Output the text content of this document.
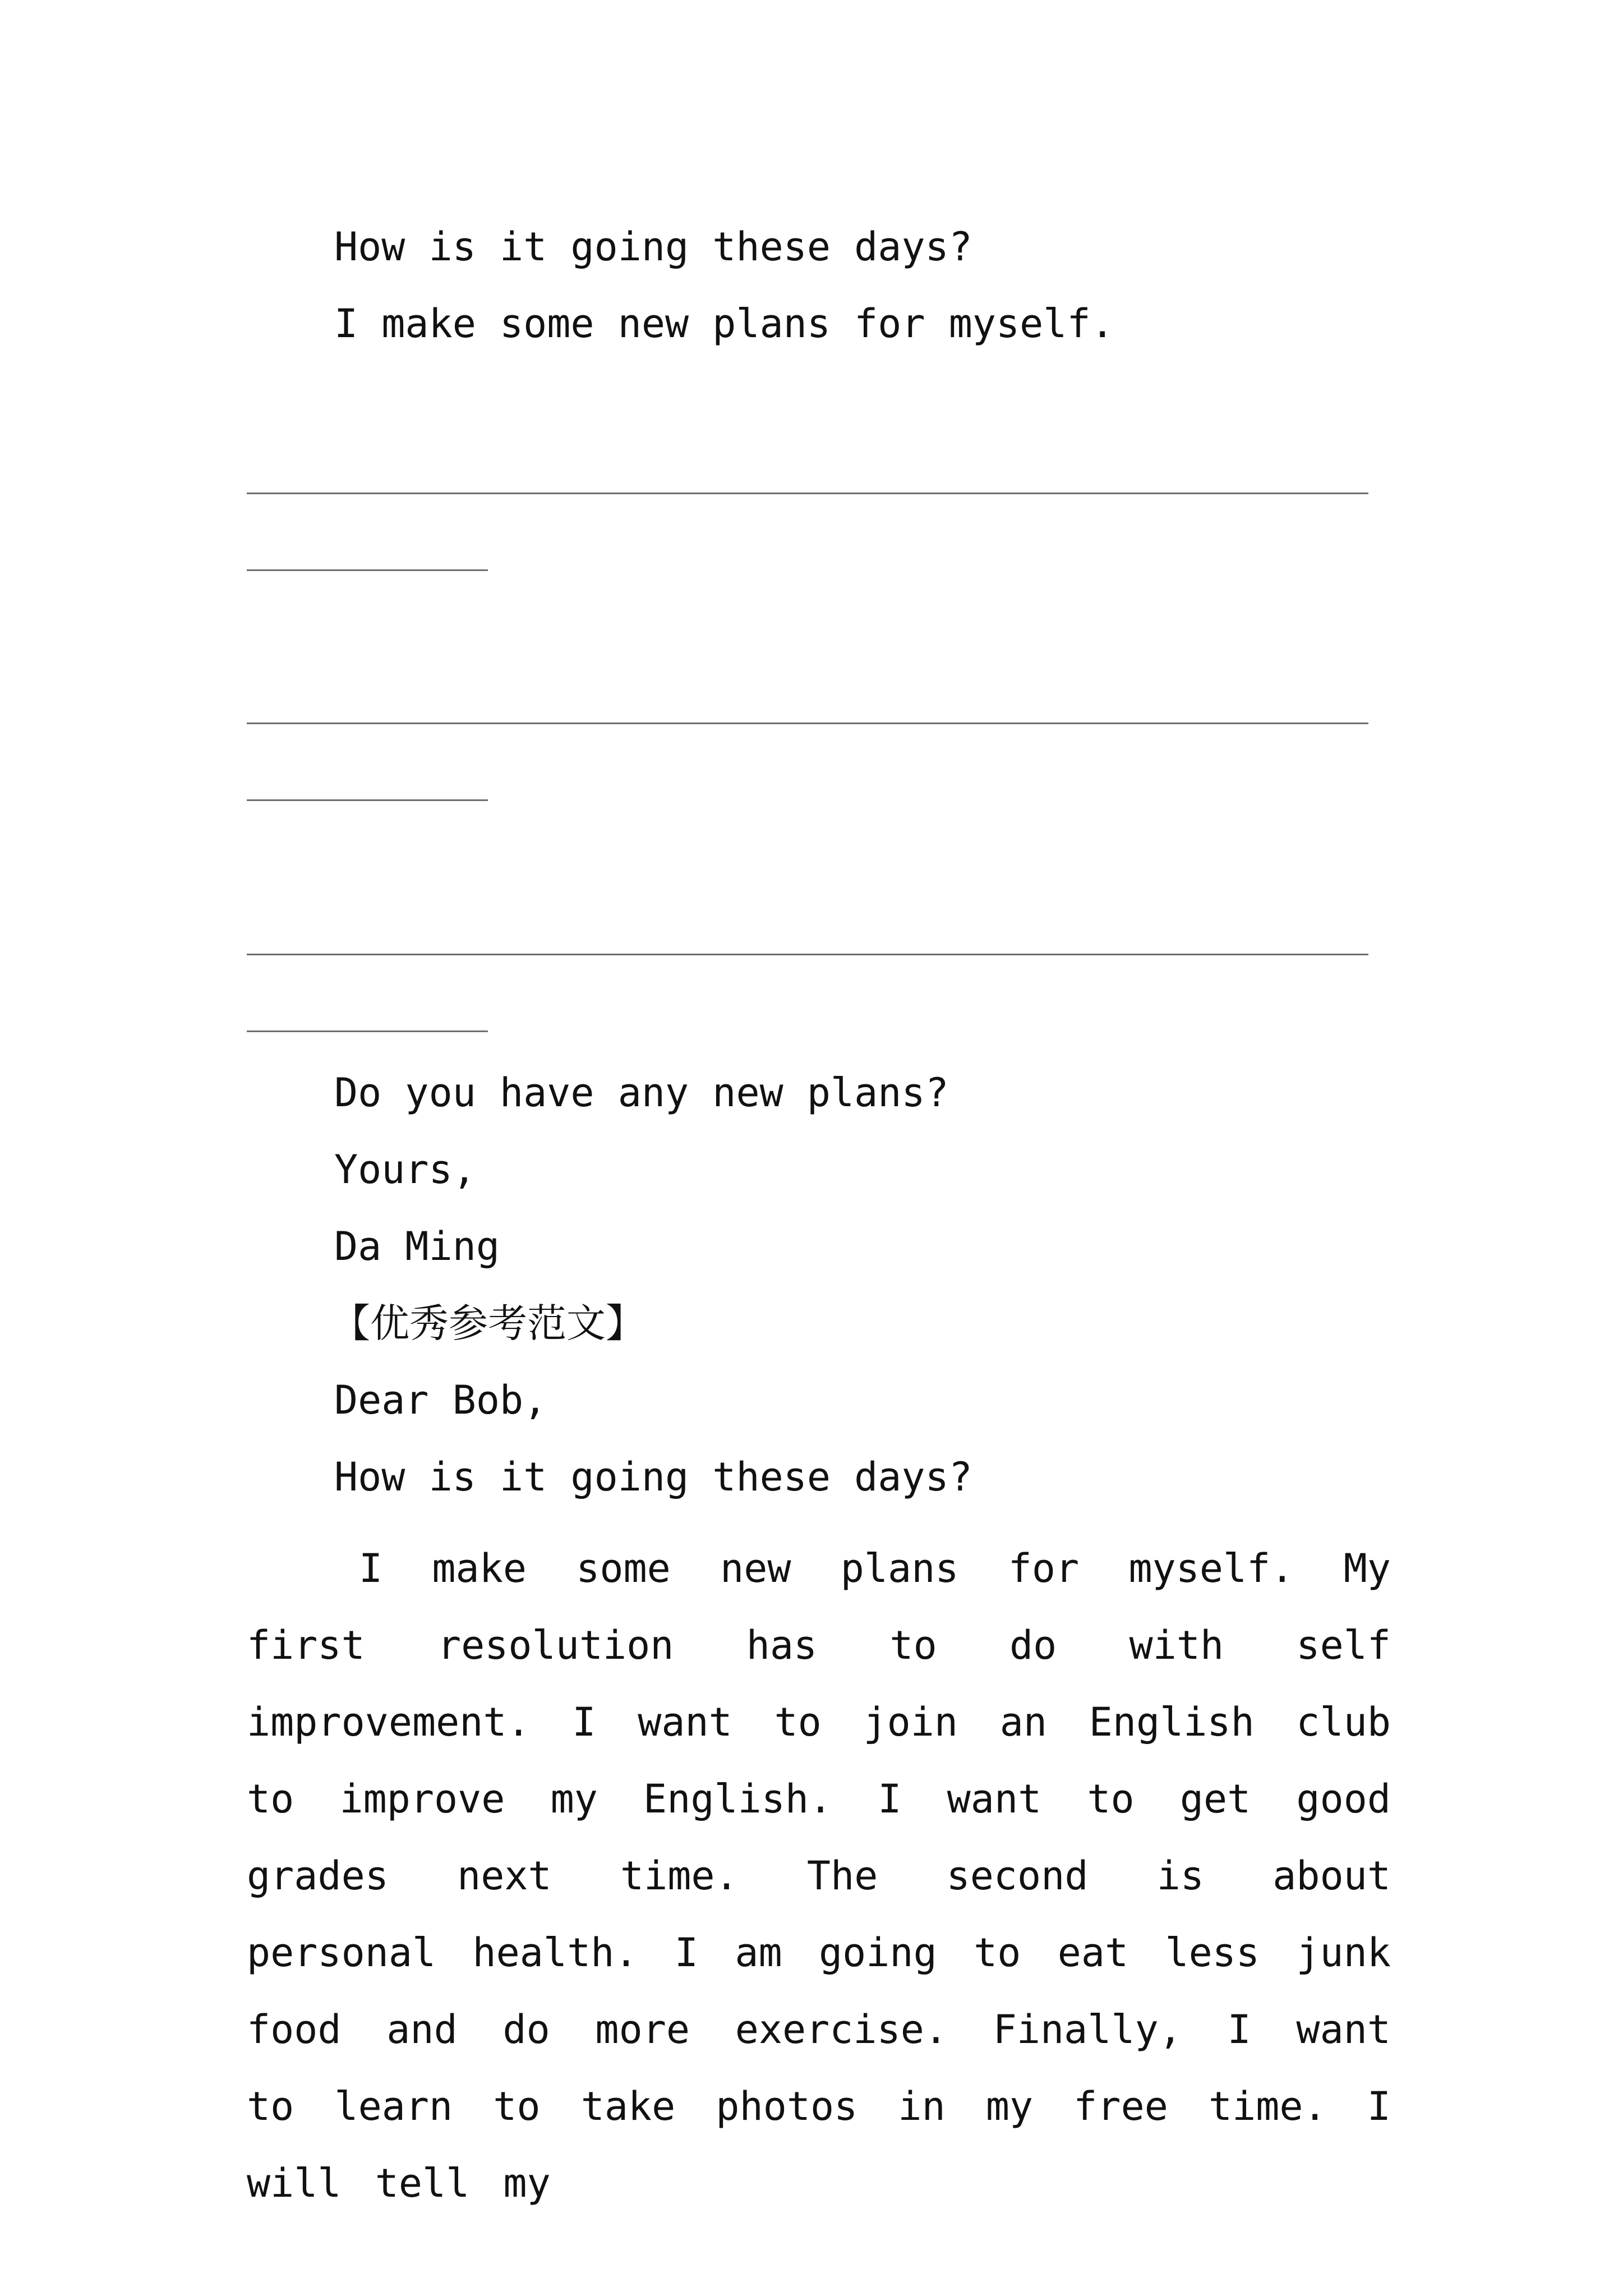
How is it going these days?
I make some new plans for myself.
Do you have any new plans?
Yours,
Da Ming
【优秀参考范文】
Dear Bob,
How is it going these days?
I make some new plans for myself. My first resolution has to do with self improvement. I want to join an English club to improve my English. I want to get good grades next time. The second is about personal health. I am going to eat less junk food and do more exercise. Finally, I want to learn to take photos in my free time. I will tell my
